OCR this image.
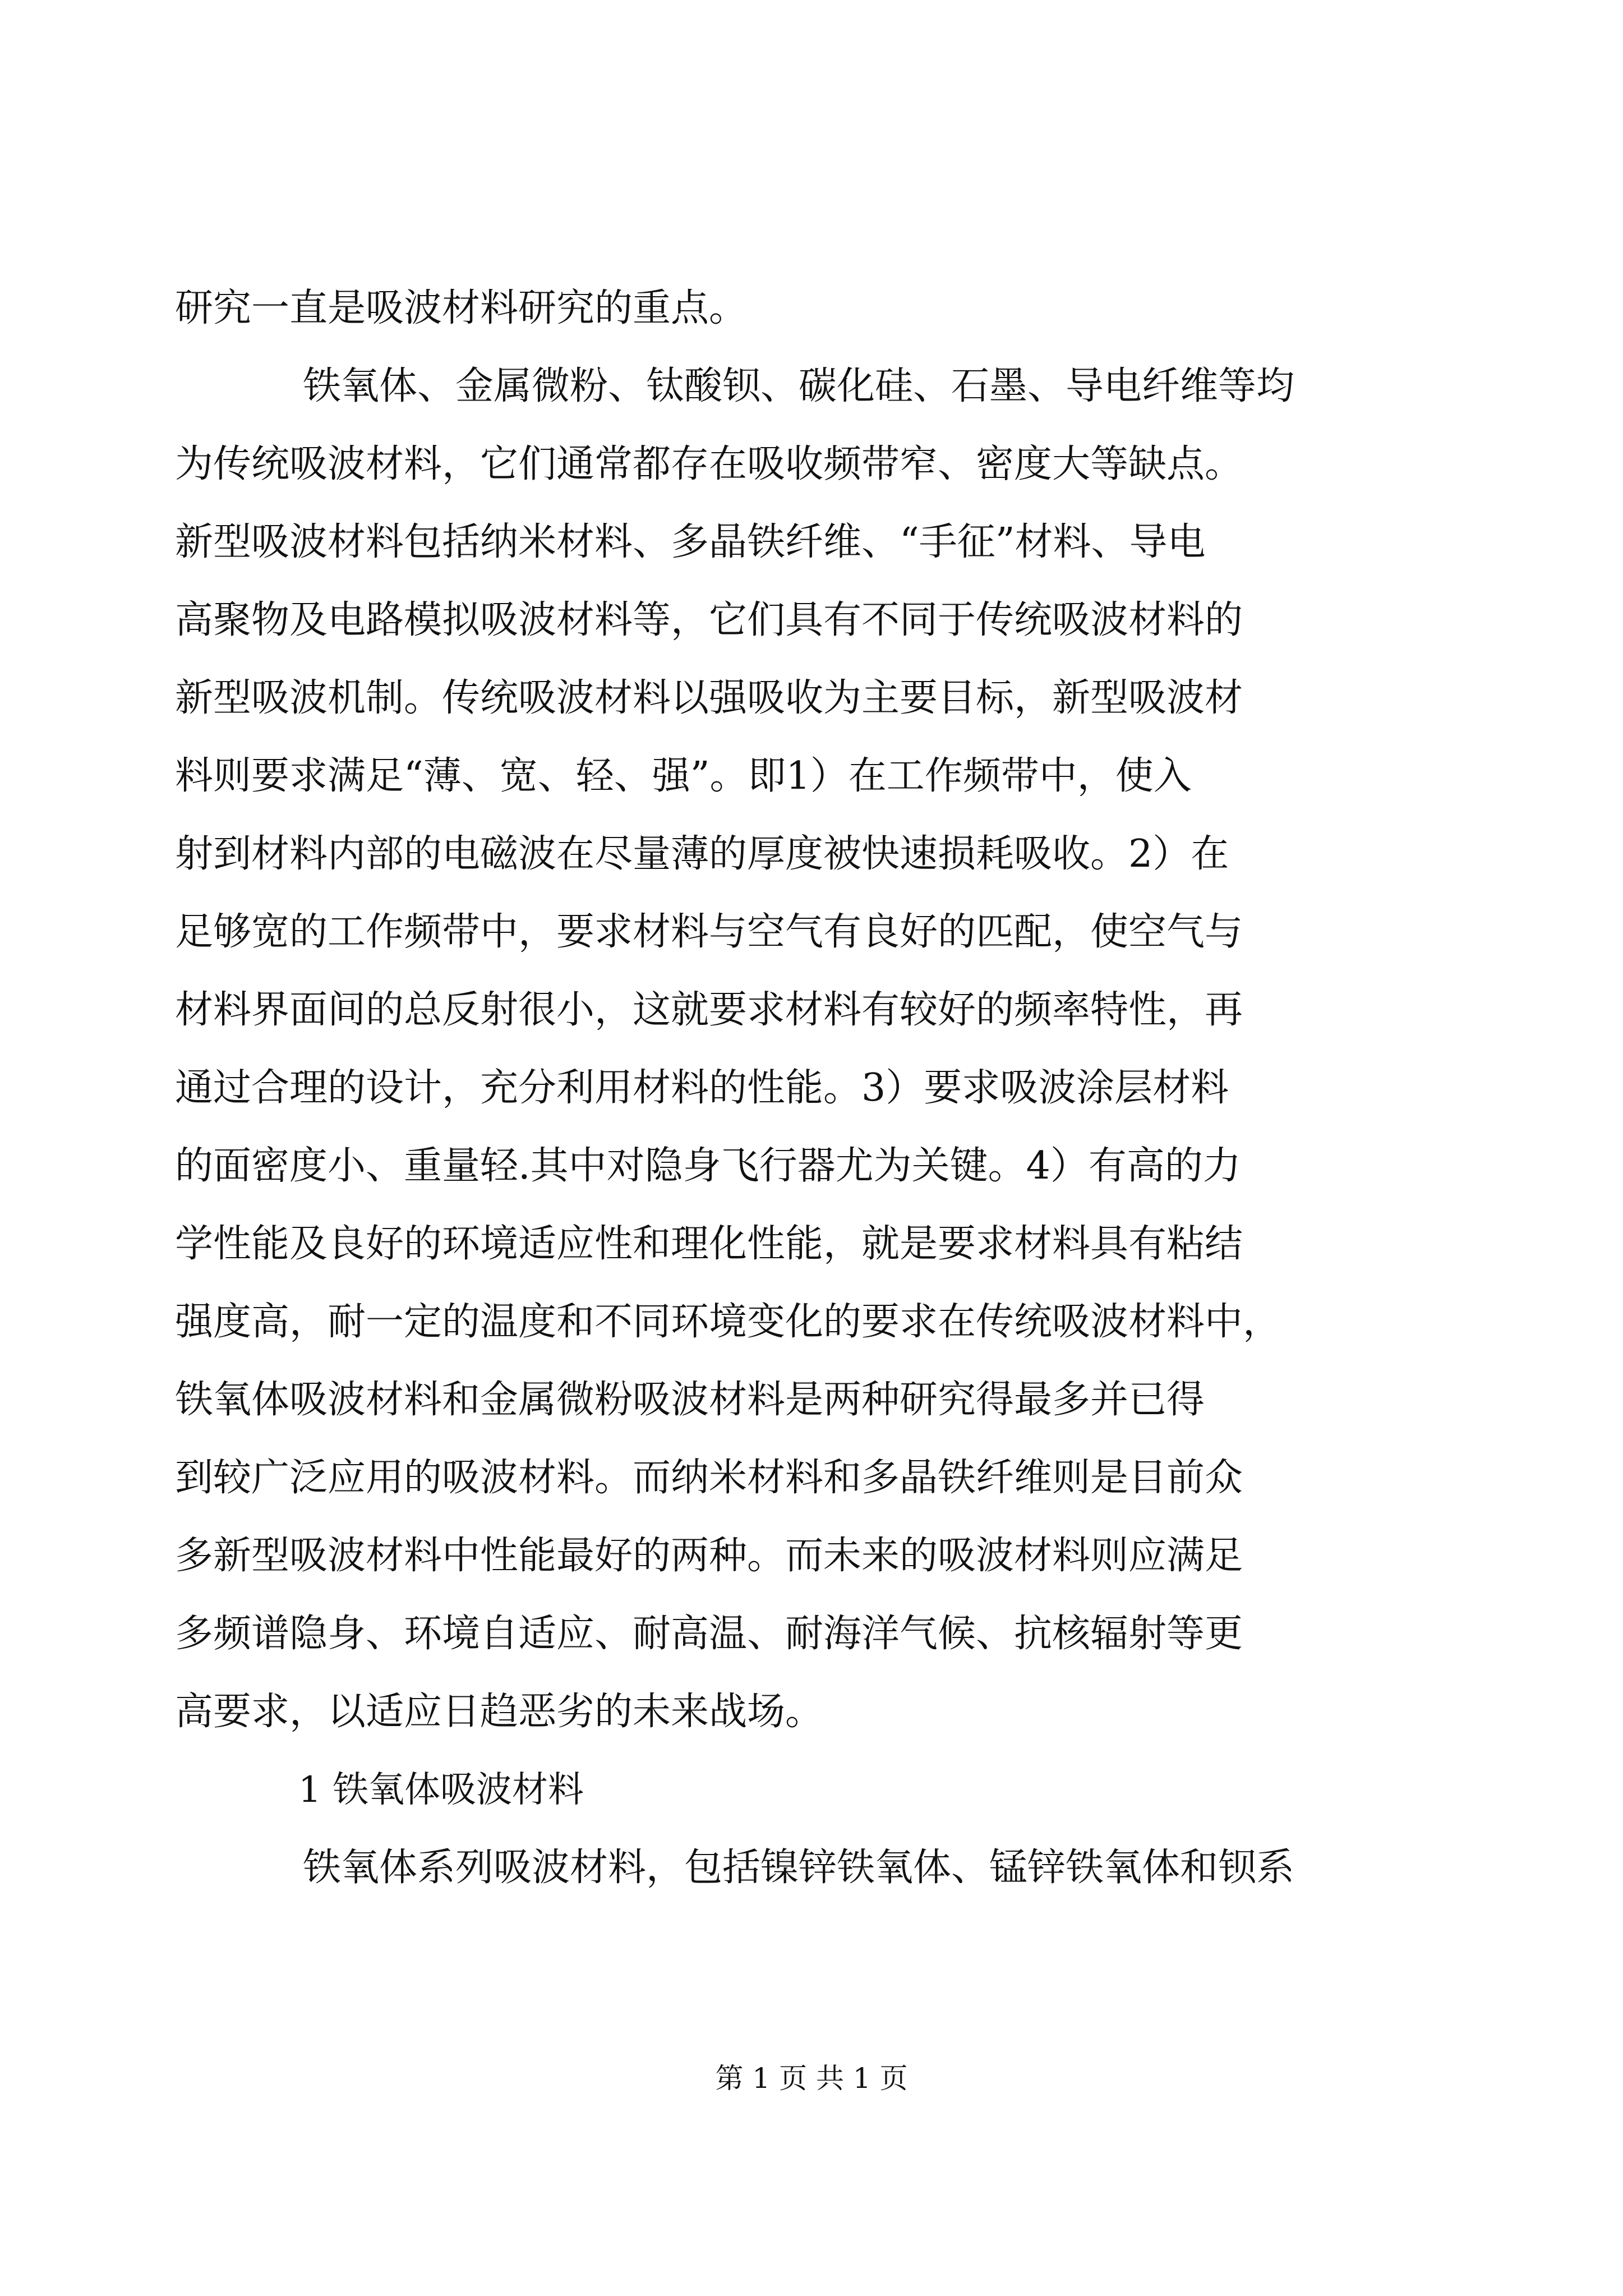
研究一直是吸波材料研究的重点。
铁氧体、金属微粉、钛酸钡、碳化硅、石墨、导电纤维等均
为传统吸波材料，它们通常都存在吸收频带窄、密度大等缺点。
新型吸波材料包括纳米材料、多晶铁纤维、“手征”材料、导电
高聚物及电路模拟吸波材料等，它们具有不同于传统吸波材料的
新型吸波机制。传统吸波材料以强吸收为主要目标，新型吸波材
料则要求满足“薄、宽、轻、强”。即1）在工作频带中，使入
射到材料内部的电磁波在尽量薄的厚度被快速损耗吸收。2）在
足够宽的工作频带中，要求材料与空气有良好的匹配，使空气与
材料界面间的总反射很小，这就要求材料有较好的频率特性，再
通过合理的设计，充分利用材料的性能。3）要求吸波涂层材料
的面密度小、重量轻.其中对隐身飞行器尤为关键。4）有高的力
学性能及良好的环境适应性和理化性能，就是要求材料具有粘结
强度高，耐一定的温度和不同环境变化的要求在传统吸波材料中，
铁氧体吸波材料和金属微粉吸波材料是两种研究得最多并已得
到较广泛应用的吸波材料。而纳米材料和多晶铁纤维则是目前众
多新型吸波材料中性能最好的两种。而未来的吸波材料则应满足
多频谱隐身、环境自适应、耐高温、耐海洋气候、抗核辐射等更
高要求，以适应日趋恶劣的未来战场。
1 铁氧体吸波材料
铁氧体系列吸波材料，包括镍锌铁氧体、锰锌铁氧体和钡系
第 1 页 共 1 页
